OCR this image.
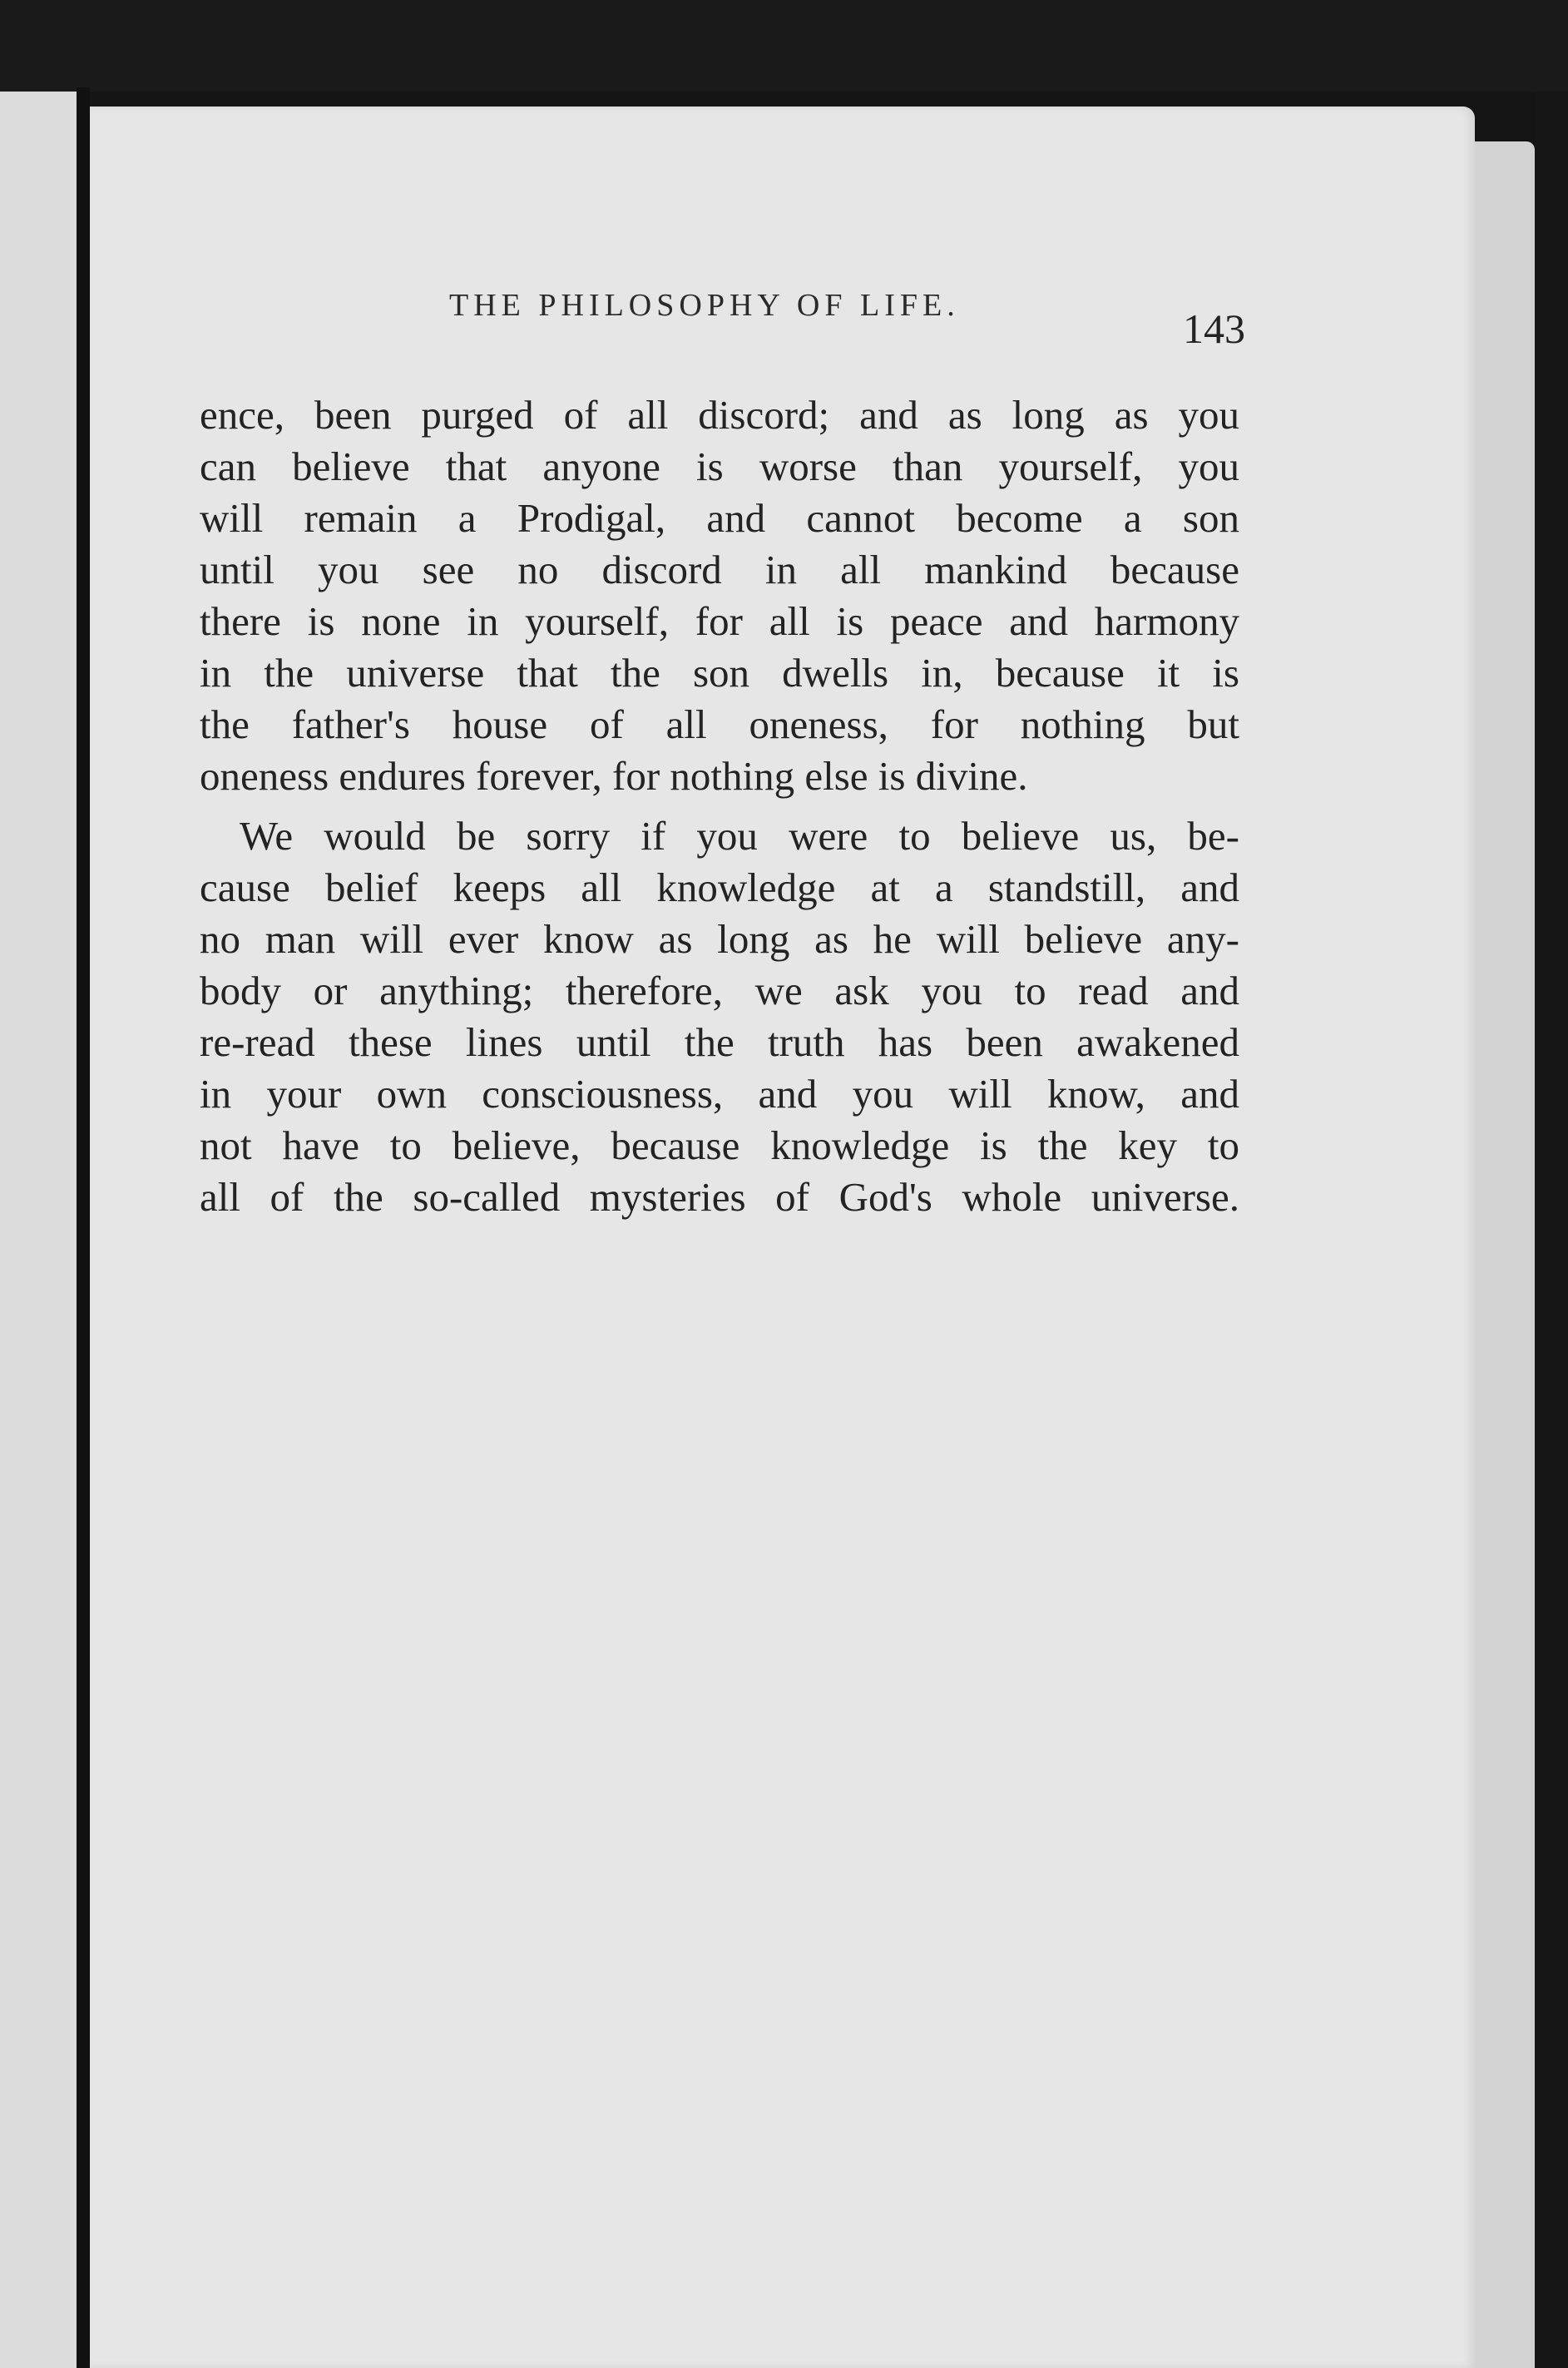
THE PHILOSOPHY OF LIFE.	143
ence, been purged of all discord; and as long as you
can believe that anyone is worse than yourself, you
will remain a Prodigal, and cannot become a son
until you see no discord in all mankind because
there is none in yourself, for all is peace and harmony
in the universe that the son dwells in, because it is
the father's house of all oneness, for nothing but
oneness endures forever, for nothing else is divine.
We would be sorry if you were to believe us, be-
cause belief keeps all knowledge at a standstill, and
no man will ever know as long as he will believe any-
body or anything; therefore, we ask you to read and
re-read these lines until the truth has been awakened
in your own consciousness, and you will know, and
not have to believe, because knowledge is the key to
all of the so-called mysteries of God's whole universe.
